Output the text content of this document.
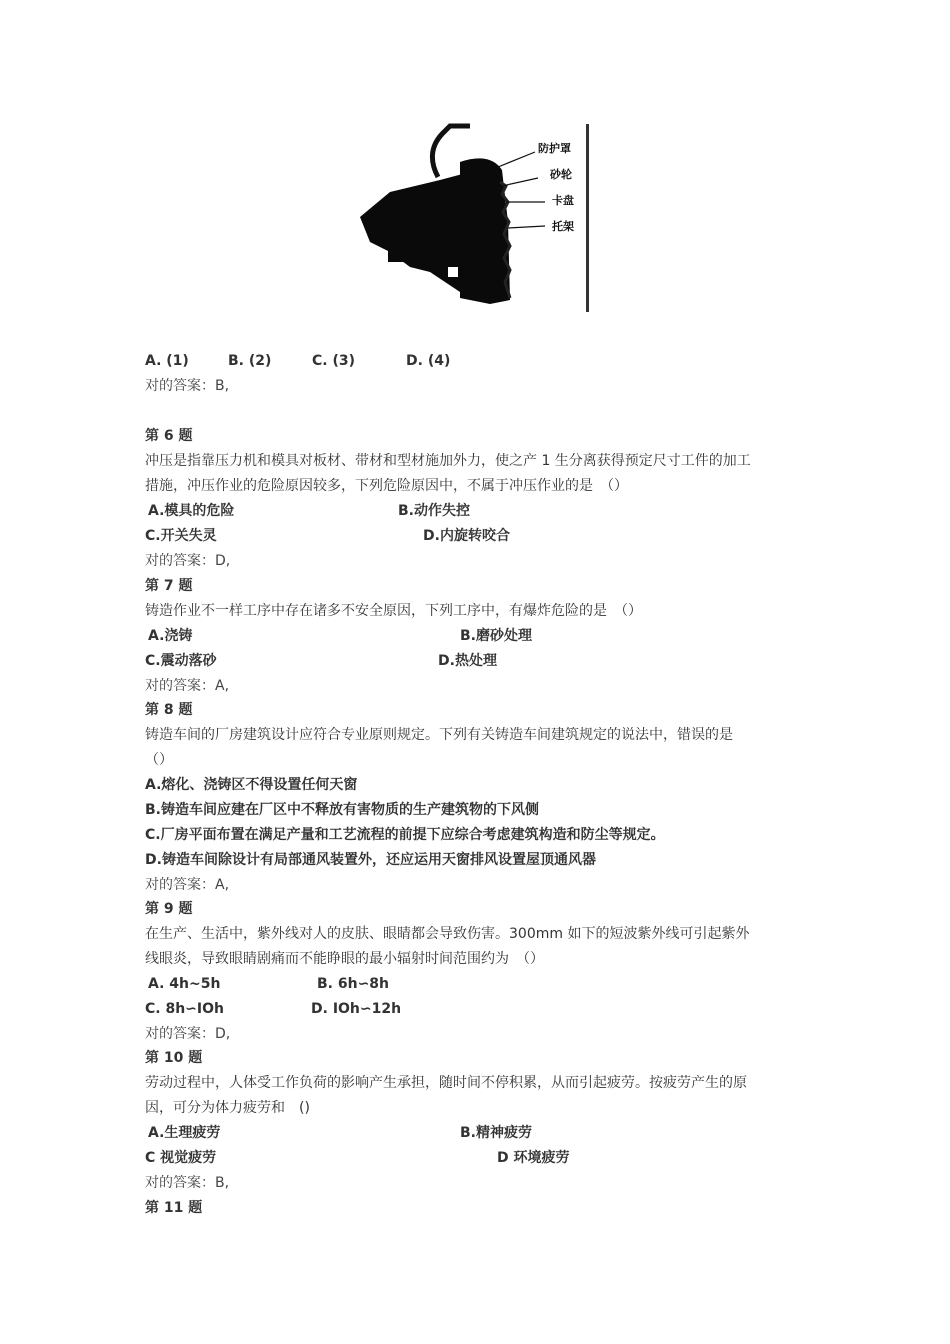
防护罩
砂轮
卡盘
托架
A. (1)	B. (2)	C. (3)	D. (4)
对的答案：B,
第 6 题
冲压是指靠压力机和模具对板材、带材和型材施加外力，使之产 1 生分离获得预定尺寸工件的加工
措施，冲压作业的危险原因较多，下列危险原因中，不属于冲压作业的是　（）
A.模具的危险	B.动作失控
C.开关失灵	D.内旋转咬合
对的答案：D,
第 7 题
铸造作业不一样工序中存在诸多不安全原因，下列工序中，有爆炸危险的是　（）
A.浇铸	B.磨砂处理
C.震动落砂	D.热处理
对的答案：A,
第 8 题
铸造车间的厂房建筑设计应符合专业原则规定。下列有关铸造车间建筑规定的说法中，错误的是
（）
A.熔化、浇铸区不得设置任何天窗
B.铸造车间应建在厂区中不释放有害物质的生产建筑物的下风侧
C.厂房平面布置在满足产量和工艺流程的前提下应综合考虑建筑构造和防尘等规定。
D.铸造车间除设计有局部通风装置外，还应运用天窗排风设置屋顶通风器
对的答案：A,
第 9 题
在生产、生活中，紫外线对人的皮肤、眼睛都会导致伤害。300mm 如下的短波紫外线可引起紫外
线眼炎，导致眼睛剧痛而不能睁眼的最小辐射时间范围约为　（）
A. 4h~5h	B. 6h∽8h
C. 8h∽IOh	D. IOh∽12h
对的答案：D,
第 10 题
劳动过程中，人体受工作负荷的影响产生承担，随时间不停积累，从而引起疲劳。按疲劳产生的原
因，可分为体力疲劳和　()
A.生理疲劳	B.精神疲劳
C 视觉疲劳	D 环境疲劳
对的答案：B,
第 11 题
